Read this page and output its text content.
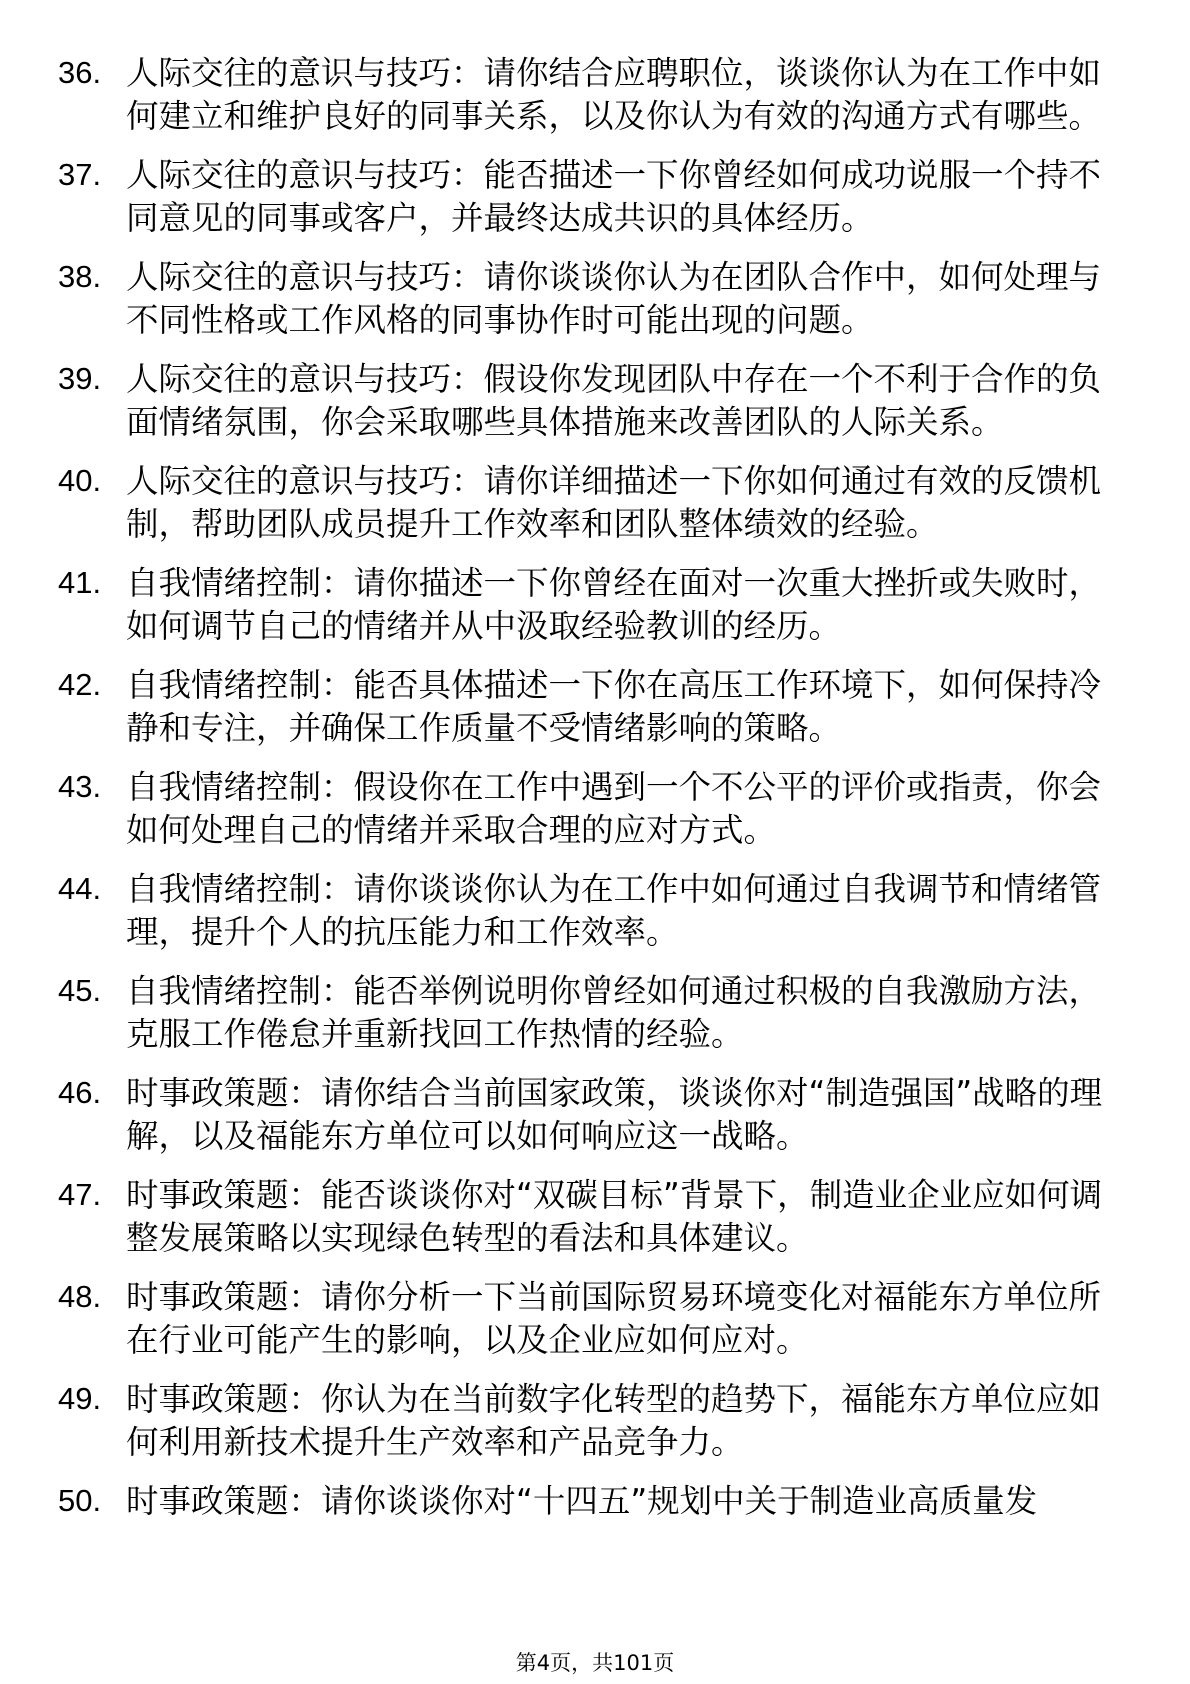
36. 人际交往的意识与技巧：请你结合应聘职位，谈谈你认为在工作中如何建立和维护良好的同事关系，以及你认为有效的沟通方式有哪些。
37. 人际交往的意识与技巧：能否描述一下你曾经如何成功说服一个持不同意见的同事或客户，并最终达成共识的具体经历。
38. 人际交往的意识与技巧：请你谈谈你认为在团队合作中，如何处理与不同性格或工作风格的同事协作时可能出现的问题。
39. 人际交往的意识与技巧：假设你发现团队中存在一个不利于合作的负面情绪氛围，你会采取哪些具体措施来改善团队的人际关系。
40. 人际交往的意识与技巧：请你详细描述一下你如何通过有效的反馈机制，帮助团队成员提升工作效率和团队整体绩效的经验。
41. 自我情绪控制：请你描述一下你曾经在面对一次重大挫折或失败时，如何调节自己的情绪并从中汲取经验教训的经历。
42. 自我情绪控制：能否具体描述一下你在高压工作环境下，如何保持冷静和专注，并确保工作质量不受情绪影响的策略。
43. 自我情绪控制：假设你在工作中遇到一个不公平的评价或指责，你会如何处理自己的情绪并采取合理的应对方式。
44. 自我情绪控制：请你谈谈你认为在工作中如何通过自我调节和情绪管理，提升个人的抗压能力和工作效率。
45. 自我情绪控制：能否举例说明你曾经如何通过积极的自我激励方法，克服工作倦怠并重新找回工作热情的经验。
46. 时事政策题：请你结合当前国家政策，谈谈你对“制造强国”战略的理解，以及福能东方单位可以如何响应这一战略。
47. 时事政策题：能否谈谈你对“双碳目标”背景下，制造业企业应如何调整发展策略以实现绿色转型的看法和具体建议。
48. 时事政策题：请你分析一下当前国际贸易环境变化对福能东方单位所在行业可能产生的影响，以及企业应如何应对。
49. 时事政策题：你认为在当前数字化转型的趋势下，福能东方单位应如何利用新技术提升生产效率和产品竞争力。
50. 时事政策题：请你谈谈你对“十四五”规划中关于制造业高质量发
第4页，共101页
